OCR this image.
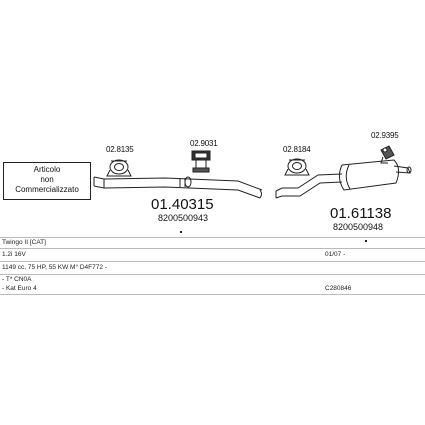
Articolo
non
Commercializzato
02.8135
02.9031
01.40315
8200500943
02.8184
02.9395
01.61138
8200500948
Twingo II [CAT]
1.2i 16V	01/07 -
1149 cc, 75 HP, 55 KW M° D4F772 -
- T* CN0A
- Kat Euro 4	C280846
